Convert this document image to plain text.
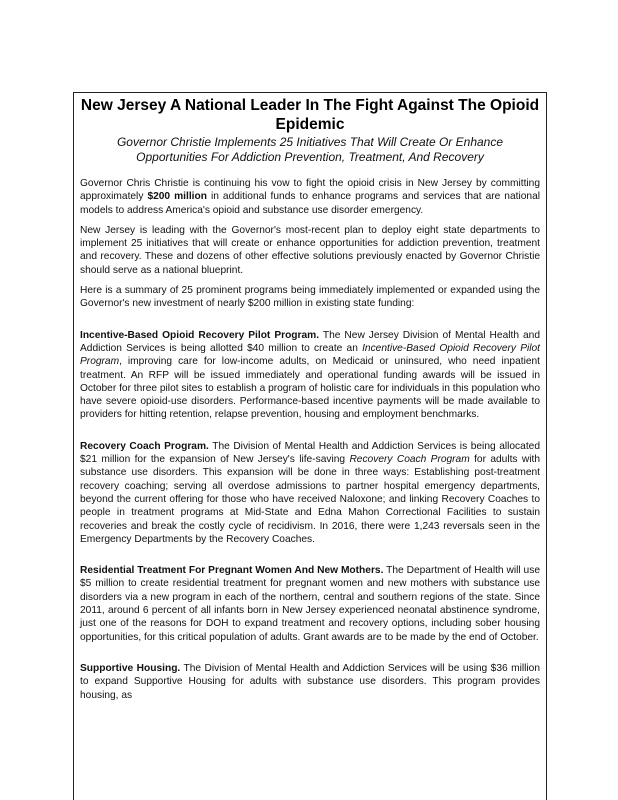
New Jersey A National Leader In The Fight Against The Opioid Epidemic
Governor Christie Implements 25 Initiatives That Will Create Or Enhance Opportunities For Addiction Prevention, Treatment, And Recovery

Governor Chris Christie is continuing his vow to fight the opioid crisis in New Jersey by committing approximately $200 million in additional funds to enhance programs and services that are national models to address America's opioid and substance use disorder emergency.

New Jersey is leading with the Governor's most-recent plan to deploy eight state departments to implement 25 initiatives that will create or enhance opportunities for addiction prevention, treatment and recovery. These and dozens of other effective solutions previously enacted by Governor Christie should serve as a national blueprint.

Here is a summary of 25 prominent programs being immediately implemented or expanded using the Governor's new investment of nearly $200 million in existing state funding:

Incentive-Based Opioid Recovery Pilot Program. The New Jersey Division of Mental Health and Addiction Services is being allotted $40 million to create an Incentive-Based Opioid Recovery Pilot Program, improving care for low-income adults, on Medicaid or uninsured, who need inpatient treatment. An RFP will be issued immediately and operational funding awards will be issued in October for three pilot sites to establish a program of holistic care for individuals in this population who have severe opioid-use disorders. Performance-based incentive payments will be made available to providers for hitting retention, relapse prevention, housing and employment benchmarks.

Recovery Coach Program. The Division of Mental Health and Addiction Services is being allocated $21 million for the expansion of New Jersey's life-saving Recovery Coach Program for adults with substance use disorders. This expansion will be done in three ways: Establishing post-treatment recovery coaching; serving all overdose admissions to partner hospital emergency departments, beyond the current offering for those who have received Naloxone; and linking Recovery Coaches to people in treatment programs at Mid-State and Edna Mahon Correctional Facilities to sustain recoveries and break the costly cycle of recidivism. In 2016, there were 1,243 reversals seen in the Emergency Departments by the Recovery Coaches.

Residential Treatment For Pregnant Women And New Mothers. The Department of Health will use $5 million to create residential treatment for pregnant women and new mothers with substance use disorders via a new program in each of the northern, central and southern regions of the state. Since 2011, around 6 percent of all infants born in New Jersey experienced neonatal abstinence syndrome, just one of the reasons for DOH to expand treatment and recovery options, including sober housing opportunities, for this critical population of adults. Grant awards are to be made by the end of October.

Supportive Housing. The Division of Mental Health and Addiction Services will be using $36 million to expand Supportive Housing for adults with substance use disorders. This program provides housing, as
